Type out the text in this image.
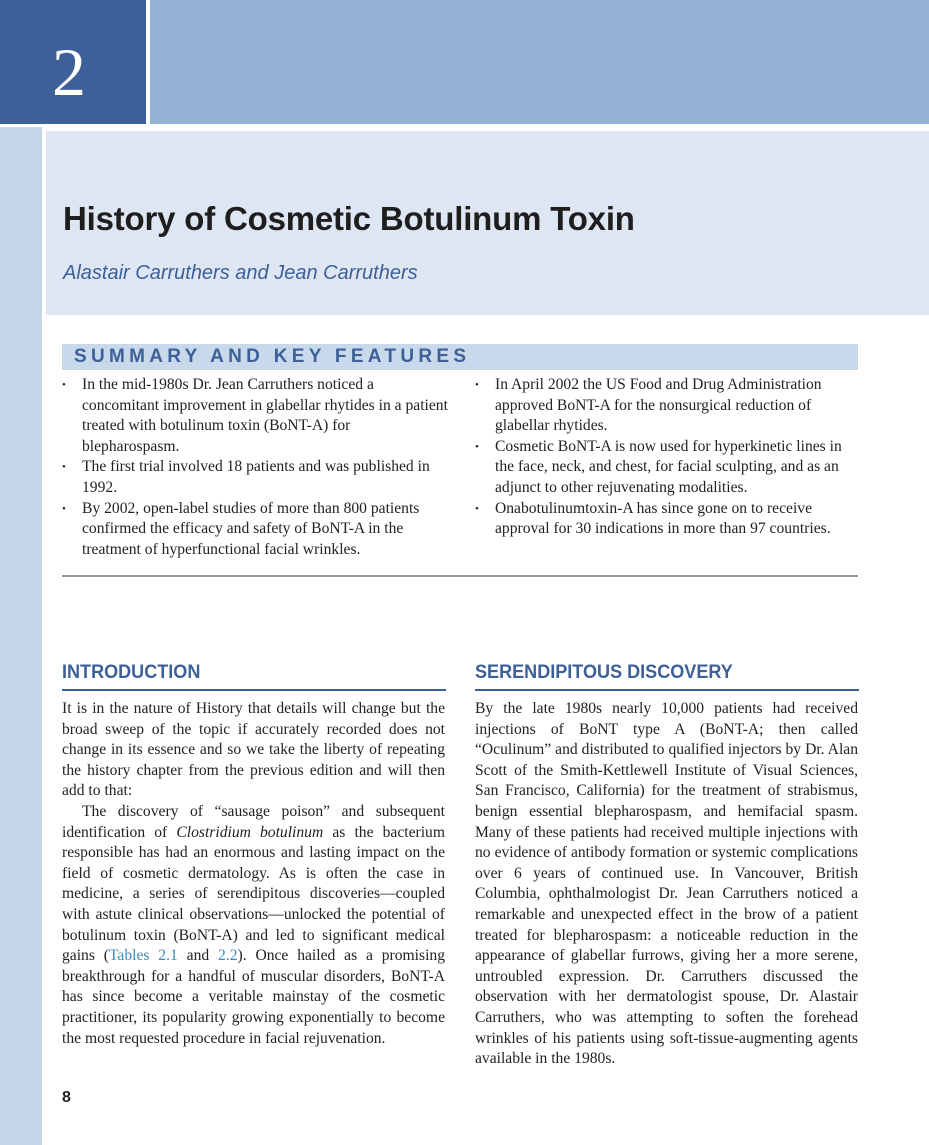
2
History of Cosmetic Botulinum Toxin
Alastair Carruthers and Jean Carruthers
SUMMARY AND KEY FEATURES
• In the mid-1980s Dr. Jean Carruthers noticed a concomitant improvement in glabellar rhytides in a patient treated with botulinum toxin (BoNT-A) for blepharospasm.
• The first trial involved 18 patients and was published in 1992.
• By 2002, open-label studies of more than 800 patients confirmed the efficacy and safety of BoNT-A in the treatment of hyperfunctional facial wrinkles.
• In April 2002 the US Food and Drug Administration approved BoNT-A for the nonsurgical reduction of glabellar rhytides.
• Cosmetic BoNT-A is now used for hyperkinetic lines in the face, neck, and chest, for facial sculpting, and as an adjunct to other rejuvenating modalities.
• Onabotulinumtoxin-A has since gone on to receive approval for 30 indications in more than 97 countries.
INTRODUCTION

It is in the nature of History that details will change but the broad sweep of the topic if accurately recorded does not change in its essence and so we take the liberty of repeating the history chapter from the previous edition and will then add to that:

The discovery of “sausage poison” and subsequent identification of Clostridium botulinum as the bacterium responsible has had an enormous and lasting impact on the field of cosmetic dermatology. As is often the case in medicine, a series of serendipitous discoveries—coupled with astute clinical observations—unlocked the potential of botulinum toxin (BoNT-A) and led to significant medical gains (Tables 2.1 and 2.2). Once hailed as a promising breakthrough for a handful of muscular disorders, BoNT-A has since become a veritable mainstay of the cosmetic practitioner, its popularity growing exponentially to become the most requested procedure in facial rejuvenation.

SERENDIPITOUS DISCOVERY

By the late 1980s nearly 10,000 patients had received injections of BoNT type A (BoNT-A; then called “Oculinum” and distributed to qualified injectors by Dr. Alan Scott of the Smith-Kettlewell Institute of Visual Sciences, San Francisco, California) for the treatment of strabismus, benign essential blepharospasm, and hemifacial spasm. Many of these patients had received multiple injections with no evidence of antibody formation or systemic complications over 6 years of continued use. In Vancouver, British Columbia, ophthalmologist Dr. Jean Carruthers noticed a remarkable and unexpected effect in the brow of a patient treated for blepharospasm: a noticeable reduction in the appearance of glabellar furrows, giving her a more serene, untroubled expression. Dr. Carruthers discussed the observation with her dermatologist spouse, Dr. Alastair Carruthers, who was attempting to soften the forehead wrinkles of his patients using soft-tissue-augmenting agents available in the 1980s.

8
